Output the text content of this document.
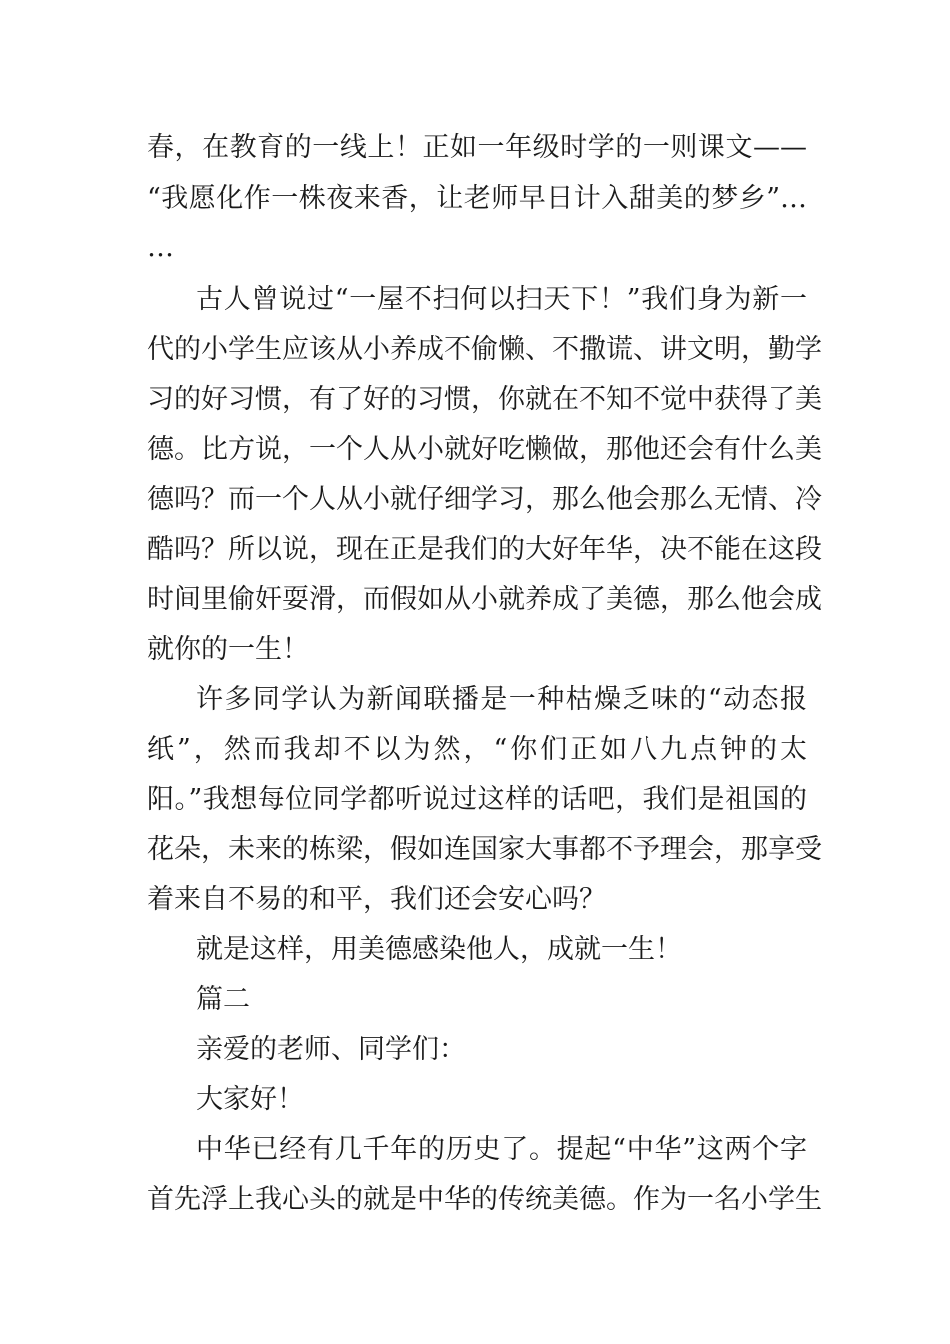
春，在教育的一线上！正如一年级时学的一则课文——
“我愿化作一株夜来香，让老师早日计入甜美的梦乡”…
…
古人曾说过“一屋不扫何以扫天下！”我们身为新一
代的小学生应该从小养成不偷懒、不撒谎、讲文明，勤学
习的好习惯，有了好的习惯，你就在不知不觉中获得了美
德。比方说，一个人从小就好吃懒做，那他还会有什么美
德吗？而一个人从小就仔细学习，那么他会那么无情、冷
酷吗？所以说，现在正是我们的大好年华，决不能在这段
时间里偷奸耍滑，而假如从小就养成了美德，那么他会成
就你的一生！
许多同学认为新闻联播是一种枯燥乏味的“动态报
纸”，然而我却不以为然，“你们正如八九点钟的太
阳。”我想每位同学都听说过这样的话吧，我们是祖国的
花朵，未来的栋梁，假如连国家大事都不予理会，那享受
着来自不易的和平，我们还会安心吗？
就是这样，用美德感染他人，成就一生！
篇二
亲爱的老师、同学们：
大家好！
中华已经有几千年的历史了。提起“中华”这两个字
首先浮上我心头的就是中华的传统美德。作为一名小学生
